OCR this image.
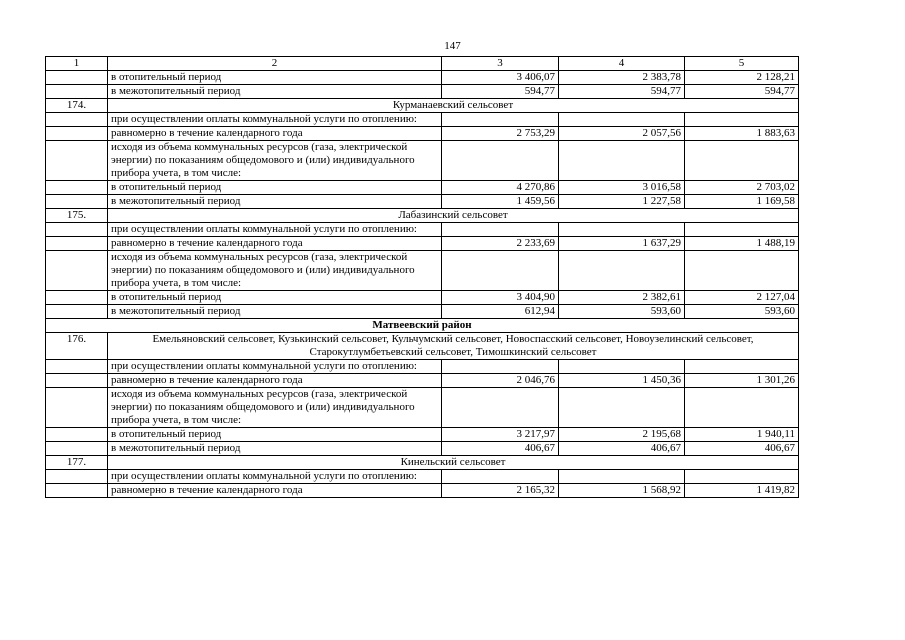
147
1	2	3	4	5
	в отопительный период	3 406,07	2 383,78	2 128,21
	в межотопительный период	594,77	594,77	594,77
174.	Курманаевский сельсовет			
	при осуществлении оплаты коммунальной услуги по отоплению:			
	равномерно в течение календарного года	2 753,29	2 057,56	1 883,63
	исходя из объема коммунальных ресурсов (газа, электрической энергии) по показаниям общедомового и (или) индивидуального прибора учета, в том числе:			
	в отопительный период	4 270,86	3 016,58	2 703,02
	в межотопительный период	1 459,56	1 227,58	1 169,58
175.	Лабазинский сельсовет			
	при осуществлении оплаты коммунальной услуги по отоплению:			
	равномерно в течение календарного года	2 233,69	1 637,29	1 488,19
	исходя из объема коммунальных ресурсов (газа, электрической энергии) по показаниям общедомового и (или) индивидуального прибора учета, в том числе:			
	в отопительный период	3 404,90	2 382,61	2 127,04
	в межотопительный период	612,94	593,60	593,60
Матвеевский район				
176.	Емельяновский сельсовет, Кузькинский сельсовет, Кульчумский сельсовет, Новоспасский сельсовет, Новоузелинский сельсовет, Старокутлумбетьевский сельсовет, Тимошкинский сельсовет			
	при осуществлении оплаты коммунальной услуги по отоплению:			
	равномерно в течение календарного года	2 046,76	1 450,36	1 301,26
	исходя из объема коммунальных ресурсов (газа, электрической энергии) по показаниям общедомового и (или) индивидуального прибора учета, в том числе:			
	в отопительный период	3 217,97	2 195,68	1 940,11
	в межотопительный период	406,67	406,67	406,67
177.	Кинельский сельсовет			
	при осуществлении оплаты коммунальной услуги по отоплению:			
	равномерно в течение календарного года	2 165,32	1 568,92	1 419,82
